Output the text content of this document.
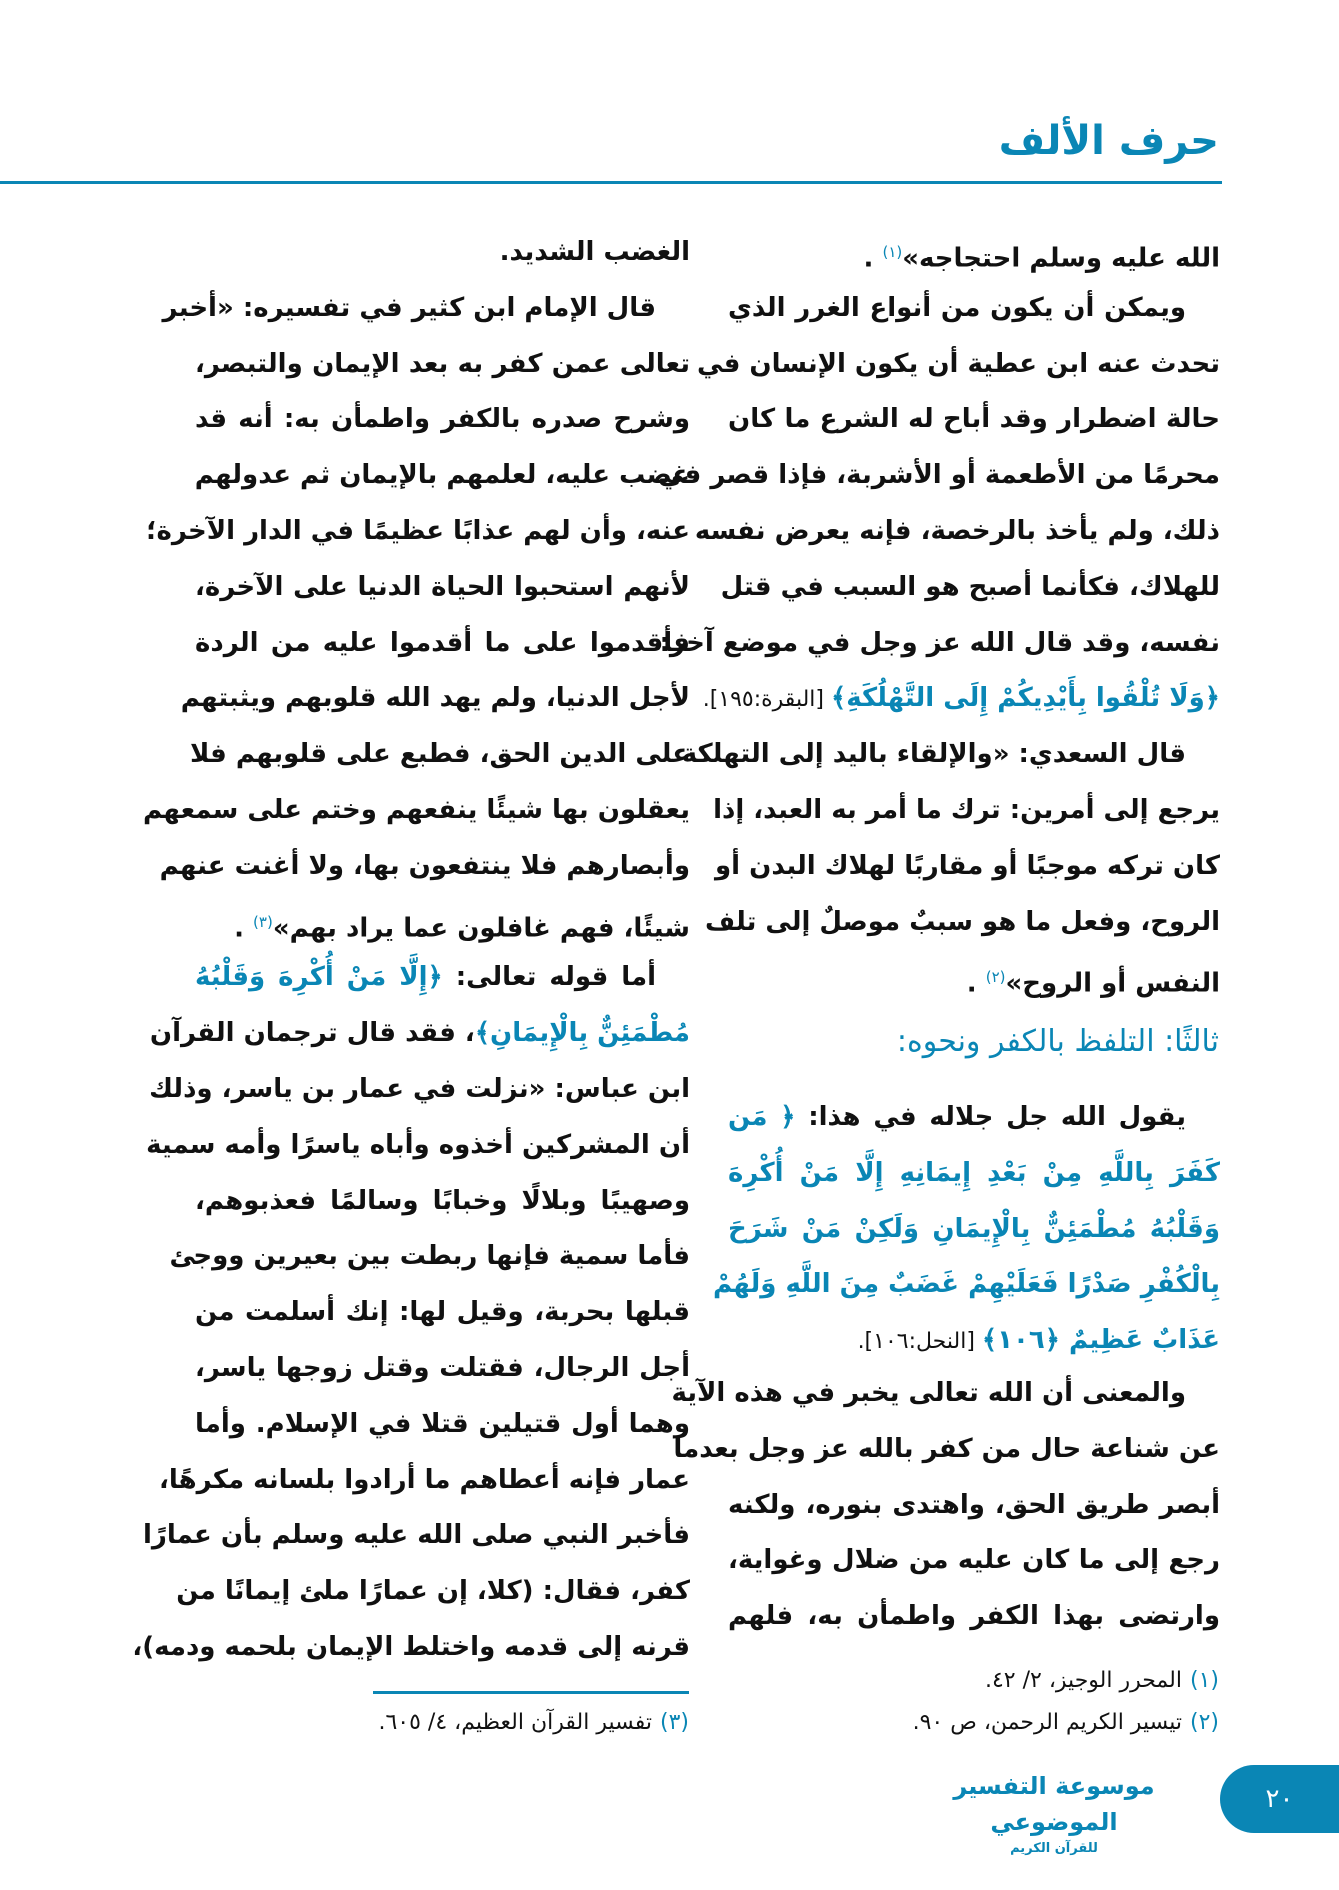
حرف الألف
الله عليه وسلم احتجاجه»$^{(١)}$ .
ويمكن أن يكون من أنواع الغرر الذي
تحدث عنه ابن عطية أن يكون الإنسان في
حالة اضطرار وقد أباح له الشرع ما كان
محرمًا من الأطعمة أو الأشربة، فإذا قصر في
ذلك، ولم يأخذ بالرخصة، فإنه يعرض نفسه
للهلاك، فكأنما أصبح هو السبب في قتل
نفسه، وقد قال الله عز وجل في موضع آخر:
﴿وَلَا تُلْقُوا بِأَيْدِيكُمْ إِلَى التَّهْلُكَةِ﴾ [البقرة:١٩٥].
قال السعدي: «والإلقاء باليد إلى التهلكة
يرجع إلى أمرين: ترك ما أمر به العبد، إذا
كان تركه موجبًا أو مقاربًا لهلاك البدن أو
الروح، وفعل ما هو سببٌ موصلٌ إلى تلف
النفس أو الروح»$^{(٢)}$ .
ثالثًا: التلفظ بالكفر ونحوه:
يقول الله جل جلاله في هذا: ﴿ مَن
كَفَرَ بِاللَّهِ مِنْ بَعْدِ إِيمَانِهِ إِلَّا مَنْ أُكْرِهَ
وَقَلْبُهُ مُطْمَئِنٌّ بِالْإِيمَانِ وَلَكِنْ مَنْ شَرَحَ
بِالْكُفْرِ صَدْرًا فَعَلَيْهِمْ غَضَبٌ مِنَ اللَّهِ وَلَهُمْ
عَذَابٌ عَظِيمٌ ﴿١٠٦﴾ [النحل:١٠٦].
والمعنى أن الله تعالى يخبر في هذه الآية
عن شناعة حال من كفر بالله عز وجل بعدما
أبصر طريق الحق، واهتدى بنوره، ولكنه
رجع إلى ما كان عليه من ضلال وغواية،
وارتضى بهذا الكفر واطمأن به، فلهم
الغضب الشديد.
قال الإمام ابن كثير في تفسيره: «أخبر
تعالى عمن كفر به بعد الإيمان والتبصر،
وشرح صدره بالكفر واطمأن به: أنه قد
غضب عليه، لعلمهم بالإيمان ثم عدولهم
عنه، وأن لهم عذابًا عظيمًا في الدار الآخرة؛
لأنهم استحبوا الحياة الدنيا على الآخرة،
فأقدموا على ما أقدموا عليه من الردة
لأجل الدنيا، ولم يهد الله قلوبهم ويثبتهم
على الدين الحق، فطبع على قلوبهم فلا
يعقلون بها شيئًا ينفعهم وختم على سمعهم
وأبصارهم فلا ينتفعون بها، ولا أغنت عنهم
شيئًا، فهم غافلون عما يراد بهم»$^{(٣)}$ .
أما قوله تعالى: ﴿إِلَّا مَنْ أُكْرِهَ وَقَلْبُهُ
مُطْمَئِنٌّ بِالْإِيمَانِ﴾، فقد قال ترجمان القرآن
ابن عباس: «نزلت في عمار بن ياسر، وذلك
أن المشركين أخذوه وأباه ياسرًا وأمه سمية
وصهيبًا وبلالًا وخبابًا وسالمًا فعذبوهم،
فأما سمية فإنها ربطت بين بعيرين ووجئ
قبلها بحربة، وقيل لها: إنك أسلمت من
أجل الرجال، فقتلت وقتل زوجها ياسر،
وهما أول قتيلين قتلا في الإسلام. وأما
عمار فإنه أعطاهم ما أرادوا بلسانه مكرهًا،
فأخبر النبي صلى الله عليه وسلم بأن عمارًا
كفر، فقال: (كلا، إن عمارًا ملئ إيمانًا من
قرنه إلى قدمه واختلط الإيمان بلحمه ودمه)،
(١)المحرر الوجيز، ٢/ ٤٢.
(٢)تيسير الكريم الرحمن، ص ٩٠.
(٣)تفسير القرآن العظيم، ٤/ ٦٠٥.
موسوعة التفسير الموضوعي
للقرآن الكريم
٢٠
